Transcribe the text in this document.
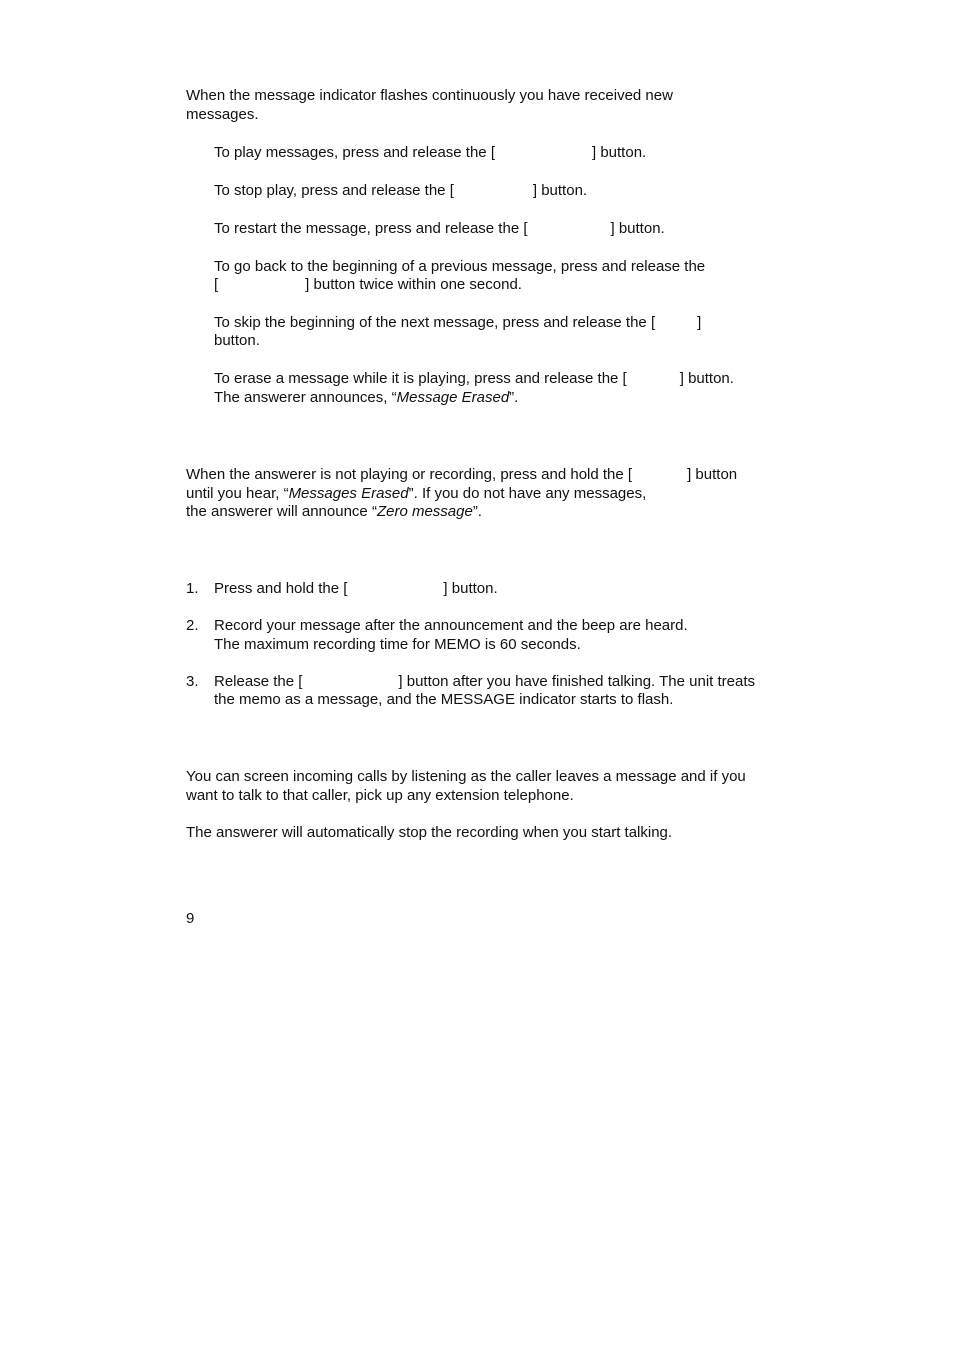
When the message indicator flashes continuously you have received new
messages.
To play messages, press and release the [	] button.
To stop play, press and release the [	] button.
To restart the message, press and release the [	] button.
To go back to the beginning of a previous message, press and release the
[	] button twice within one second.
To skip the beginning of the next message, press and release the [	]
button.
To erase a message while it is playing, press and release the [	] button.
The answerer announces, “Message Erased”.
When the answerer is not playing or recording, press and hold the [	] button
until you hear, “Messages Erased”. If you do not have any messages,
the answerer will announce “Zero message”.
1. Press and hold the [	] button.
2. Record your message after the announcement and the beep are heard.
The maximum recording time for MEMO is 60 seconds.
3. Release the [	] button after you have finished talking. The unit treats
the memo as a message, and the MESSAGE indicator starts to flash.
You can screen incoming calls by listening as the caller leaves a message and if you
want to talk to that caller, pick up any extension telephone.
The answerer will automatically stop the recording when you start talking.
9
